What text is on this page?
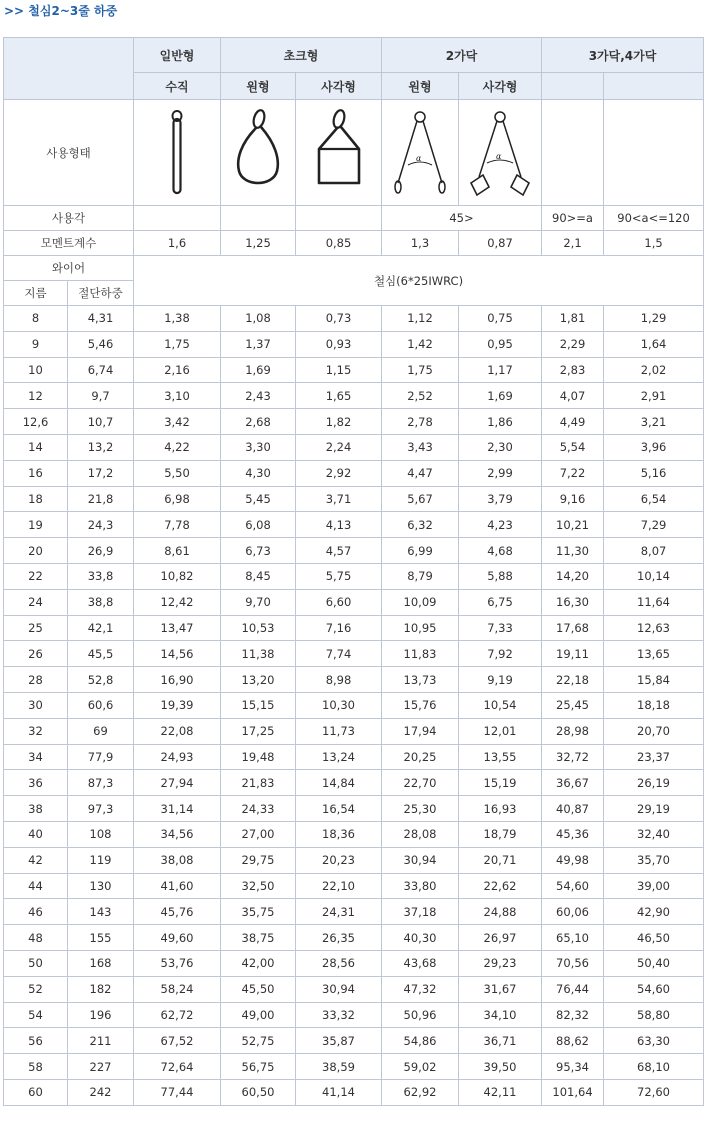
>> 철심2~3줄 하중
		일반형	초크형		2가닥		3가닥,4가닥	
		수직	원형	사각형	원형	사각형		
사용형태					α	α		

사용각					45>		90>=a	90<a<=120
모멘트계수		1,6	1,25	0,85	1,3	0,87	2,1	1,5
와이어		철심(6*25IWRC)						
지름	절단하중							
8	4,31	1,38	1,08	0,73	1,12	0,75	1,81	1,29
9	5,46	1,75	1,37	0,93	1,42	0,95	2,29	1,64
10	6,74	2,16	1,69	1,15	1,75	1,17	2,83	2,02
12	9,7	3,10	2,43	1,65	2,52	1,69	4,07	2,91
12,6	10,7	3,42	2,68	1,82	2,78	1,86	4,49	3,21
14	13,2	4,22	3,30	2,24	3,43	2,30	5,54	3,96
16	17,2	5,50	4,30	2,92	4,47	2,99	7,22	5,16
18	21,8	6,98	5,45	3,71	5,67	3,79	9,16	6,54
19	24,3	7,78	6,08	4,13	6,32	4,23	10,21	7,29
20	26,9	8,61	6,73	4,57	6,99	4,68	11,30	8,07
22	33,8	10,82	8,45	5,75	8,79	5,88	14,20	10,14
24	38,8	12,42	9,70	6,60	10,09	6,75	16,30	11,64
25	42,1	13,47	10,53	7,16	10,95	7,33	17,68	12,63
26	45,5	14,56	11,38	7,74	11,83	7,92	19,11	13,65
28	52,8	16,90	13,20	8,98	13,73	9,19	22,18	15,84
30	60,6	19,39	15,15	10,30	15,76	10,54	25,45	18,18
32	69	22,08	17,25	11,73	17,94	12,01	28,98	20,70
34	77,9	24,93	19,48	13,24	20,25	13,55	32,72	23,37
36	87,3	27,94	21,83	14,84	22,70	15,19	36,67	26,19
38	97,3	31,14	24,33	16,54	25,30	16,93	40,87	29,19
40	108	34,56	27,00	18,36	28,08	18,79	45,36	32,40
42	119	38,08	29,75	20,23	30,94	20,71	49,98	35,70
44	130	41,60	32,50	22,10	33,80	22,62	54,60	39,00
46	143	45,76	35,75	24,31	37,18	24,88	60,06	42,90
48	155	49,60	38,75	26,35	40,30	26,97	65,10	46,50
50	168	53,76	42,00	28,56	43,68	29,23	70,56	50,40
52	182	58,24	45,50	30,94	47,32	31,67	76,44	54,60
54	196	62,72	49,00	33,32	50,96	34,10	82,32	58,80
56	211	67,52	52,75	35,87	54,86	36,71	88,62	63,30
58	227	72,64	56,75	38,59	59,02	39,50	95,34	68,10
60	242	77,44	60,50	41,14	62,92	42,11	101,64	72,60
